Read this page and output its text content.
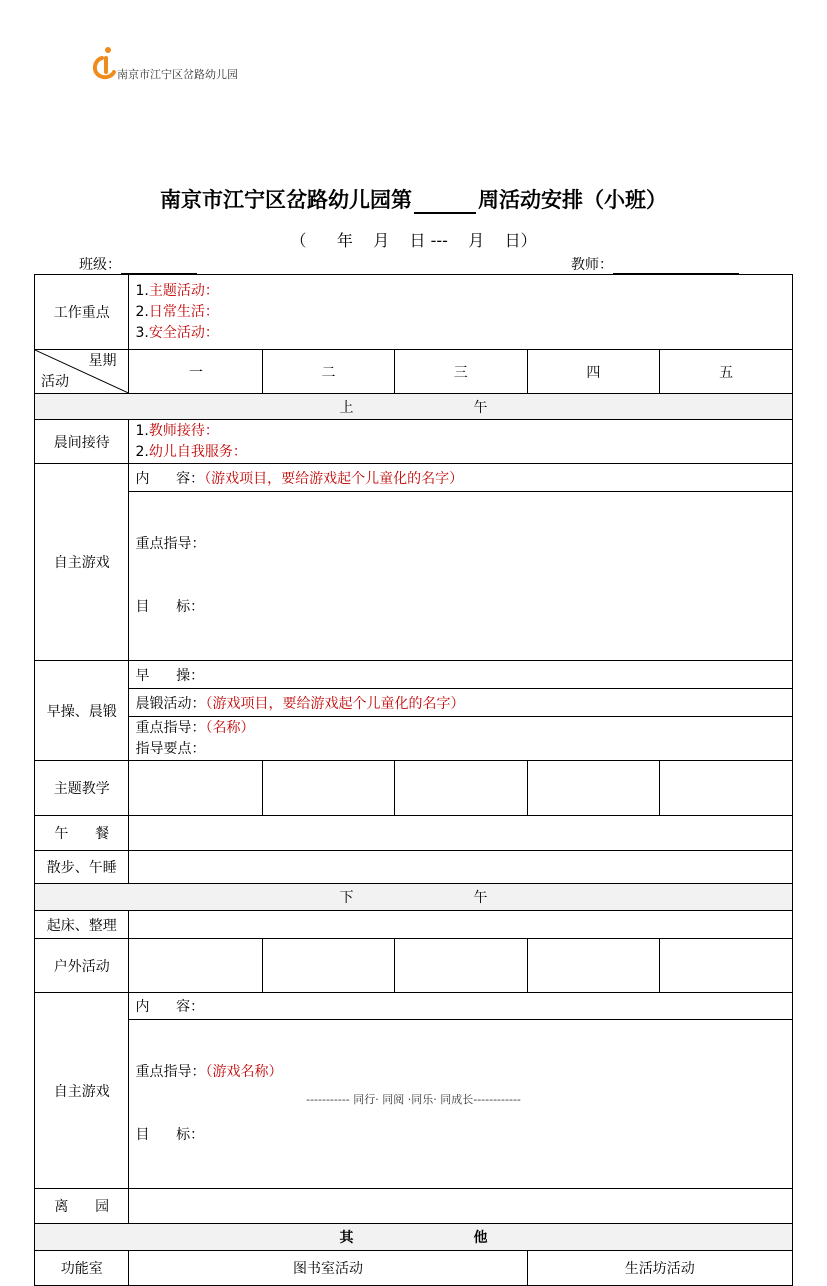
南京市江宁区岔路幼儿园
南京市江宁区岔路幼儿园第	周活动安排（小班）
（      年    月    日 ---    月    日）
班级：	教师：
工作重点	1.主题活动：
2.日常生活：
3.安全活动：				

星期
活动	一	二	三	四	五

上 午					

晨间接待	1.教师接待：
2.幼儿自我服务：				

自主游戏	内      容：（游戏项目，要给游戏起个儿童化的名字）				

	重点指导：

目      标：				

早操、晨锻	早      操：				
	晨锻活动：（游戏项目，要给游戏起个儿童化的名字）				

	重点指导：（名称）
指导要点：				

主题教学					
午      餐					
散步、午睡					

下 午					

起床、整理					
户外活动					
自主游戏	内      容：				

	重点指导：（游戏名称）

目      标：				

离      园					

其 他					

功能室	图书室活动			生活坊活动	
----------- 同行· 同阅 ·同乐· 同成长------------
